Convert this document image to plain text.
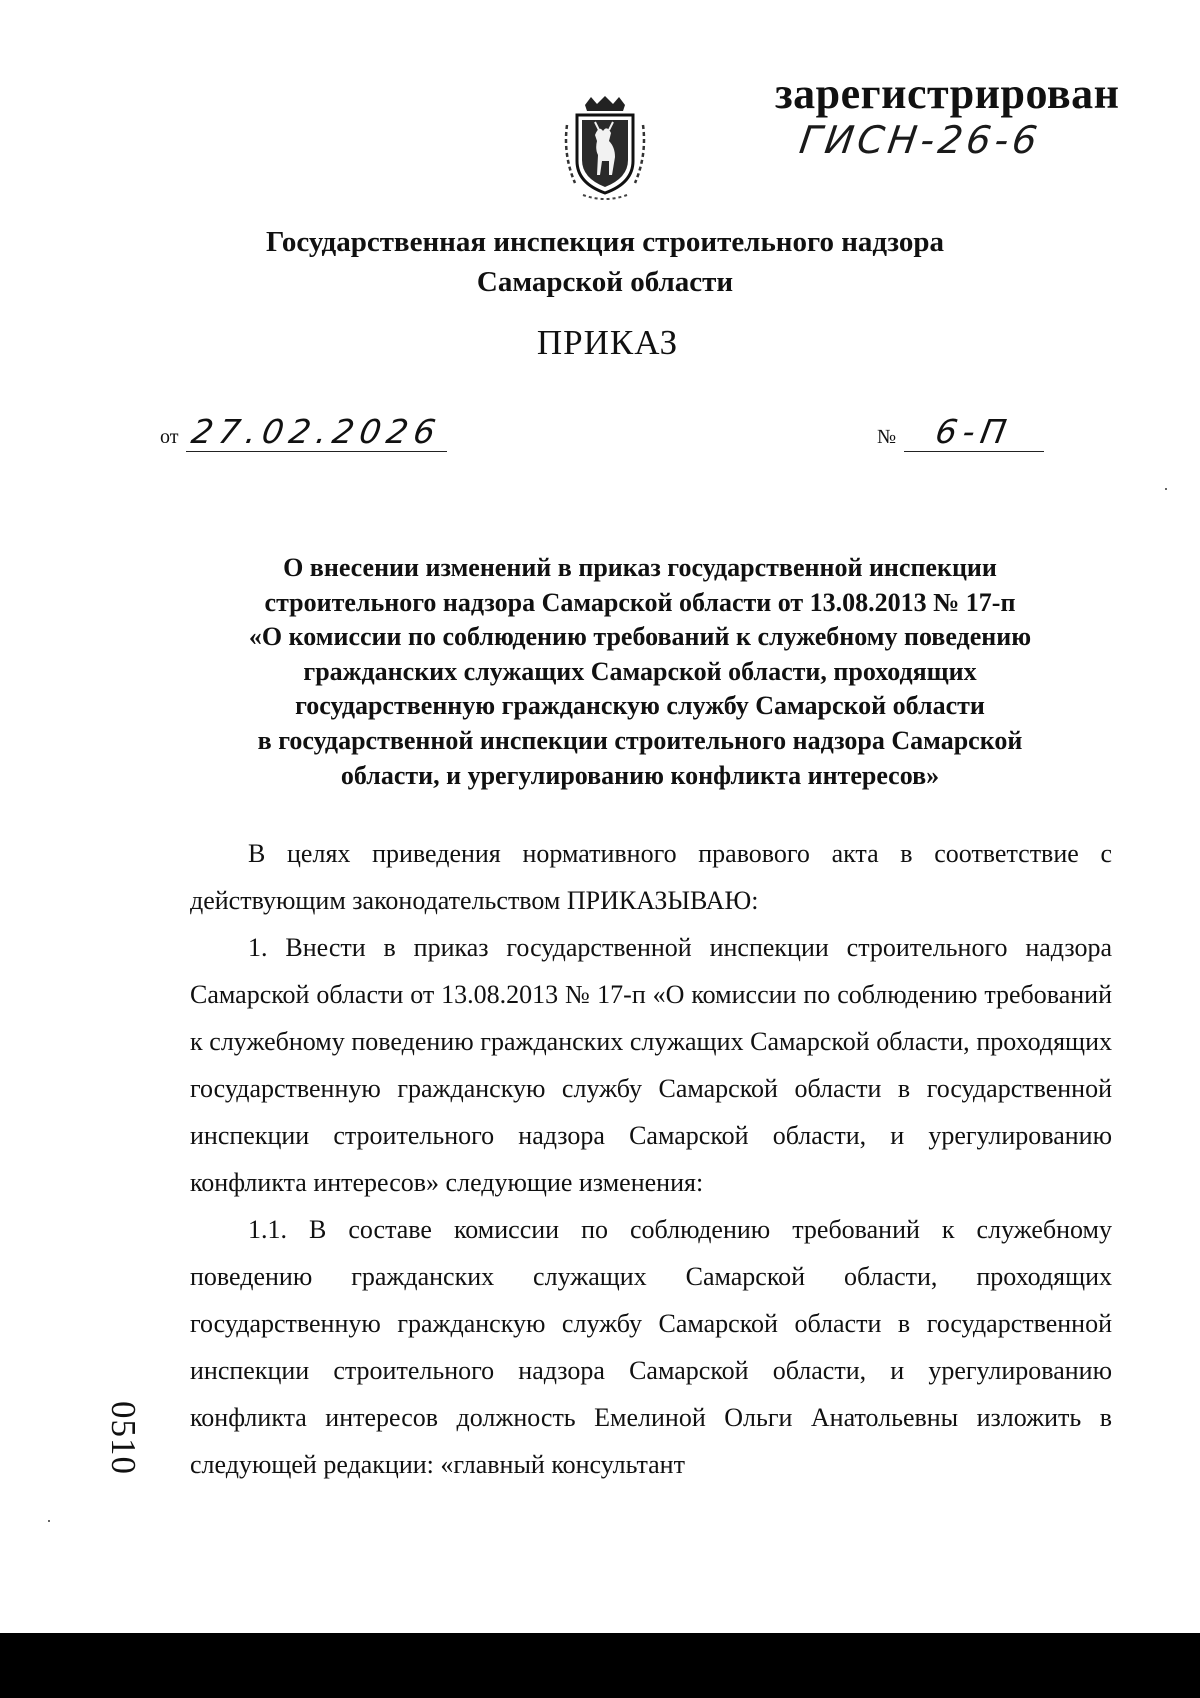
зарегистрирован
ГИСН-26-6
Государственная инспекция строительного надзора
Самарской области
ПРИКАЗ
от 27.02.2026	№ 6-П
О внесении изменений в приказ государственной инспекции
строительного надзора Самарской области от 13.08.2013 № 17-п
«О комиссии по соблюдению требований к служебному поведению
гражданских служащих Самарской области, проходящих
государственную гражданскую службу Самарской области
в государственной инспекции строительного надзора Самарской
области, и урегулированию конфликта интересов»

В целях приведения нормативного правового акта в соответствие с действующим законодательством ПРИКАЗЫВАЮ:

1. Внести в приказ государственной инспекции строительного надзора Самарской области от 13.08.2013 № 17-п «О комиссии по соблюдению требований к служебному поведению гражданских служащих Самарской области, проходящих государственную гражданскую службу Самарской области в государственной инспекции строительного надзора Самарской области, и урегулированию конфликта интересов» следующие изменения:

1.1. В составе комиссии по соблюдению требований к служебному поведению гражданских служащих Самарской области, проходящих государственную гражданскую службу Самарской области в государственной инспекции строительного надзора Самарской области, и урегулированию конфликта интересов должность Емелиной Ольги Анатольевны изложить в следующей редакции: «главный консультант

0510
